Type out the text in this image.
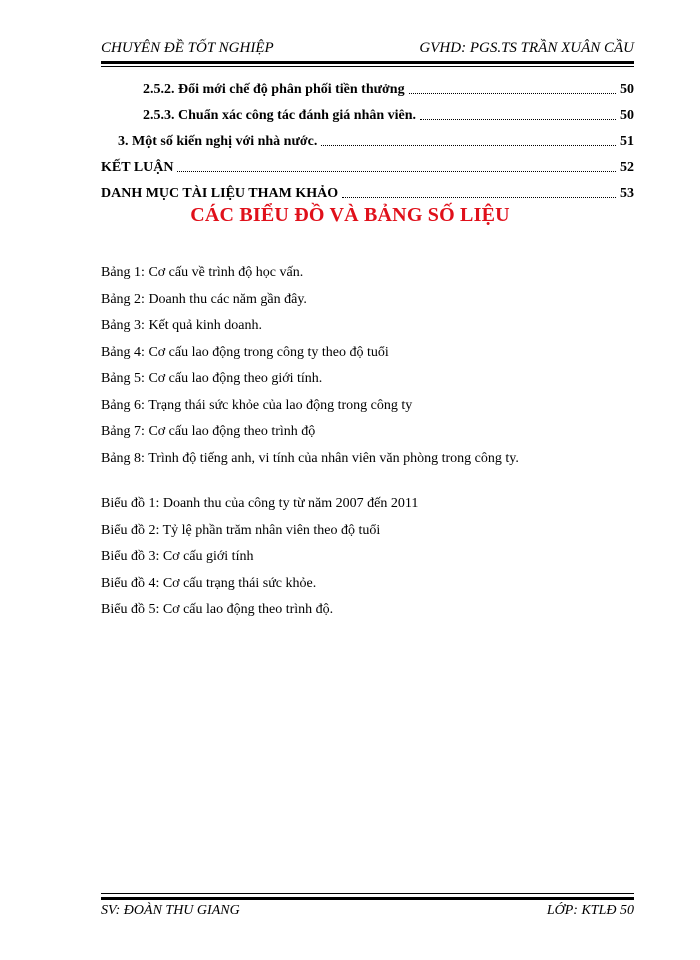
CHUYÊN ĐỀ TỐT NGHIỆP	GVHD: PGS.TS TRẦN XUÂN CẦU
2.5.2. Đổi mới chế độ phân phối tiền thưởng	50
2.5.3. Chuẩn xác công tác đánh giá nhân viên.	50
3. Một số kiến nghị với nhà nước.	51
KẾT LUẬN	52
DANH MỤC TÀI LIỆU THAM KHẢO	53
CÁC BIỂU ĐỒ VÀ BẢNG SỐ LIỆU
Bảng 1: Cơ cấu về trình độ học vấn.
Bảng 2: Doanh thu các năm gần đây.
Bảng 3: Kết quả kinh doanh.
Bảng 4: Cơ cấu lao động trong công ty theo độ tuổi
Bảng 5: Cơ cấu lao động theo giới tính.
Bảng 6: Trạng thái sức khỏe của lao động trong công ty
Bảng 7: Cơ cấu lao động theo trình độ
Bảng 8: Trình độ tiếng anh, vi tính của nhân viên văn phòng trong công ty.
Biểu đồ 1: Doanh thu của công ty từ năm 2007 đến 2011
Biểu đồ 2: Tỷ lệ phần trăm nhân viên theo độ tuổi
Biểu đồ 3: Cơ cấu giới tính
Biểu đồ 4: Cơ cấu trạng thái sức khỏe.
Biểu đồ 5: Cơ cấu lao động theo trình độ.
SV: ĐOÀN THU GIANG	LỚP: KTLĐ 50
